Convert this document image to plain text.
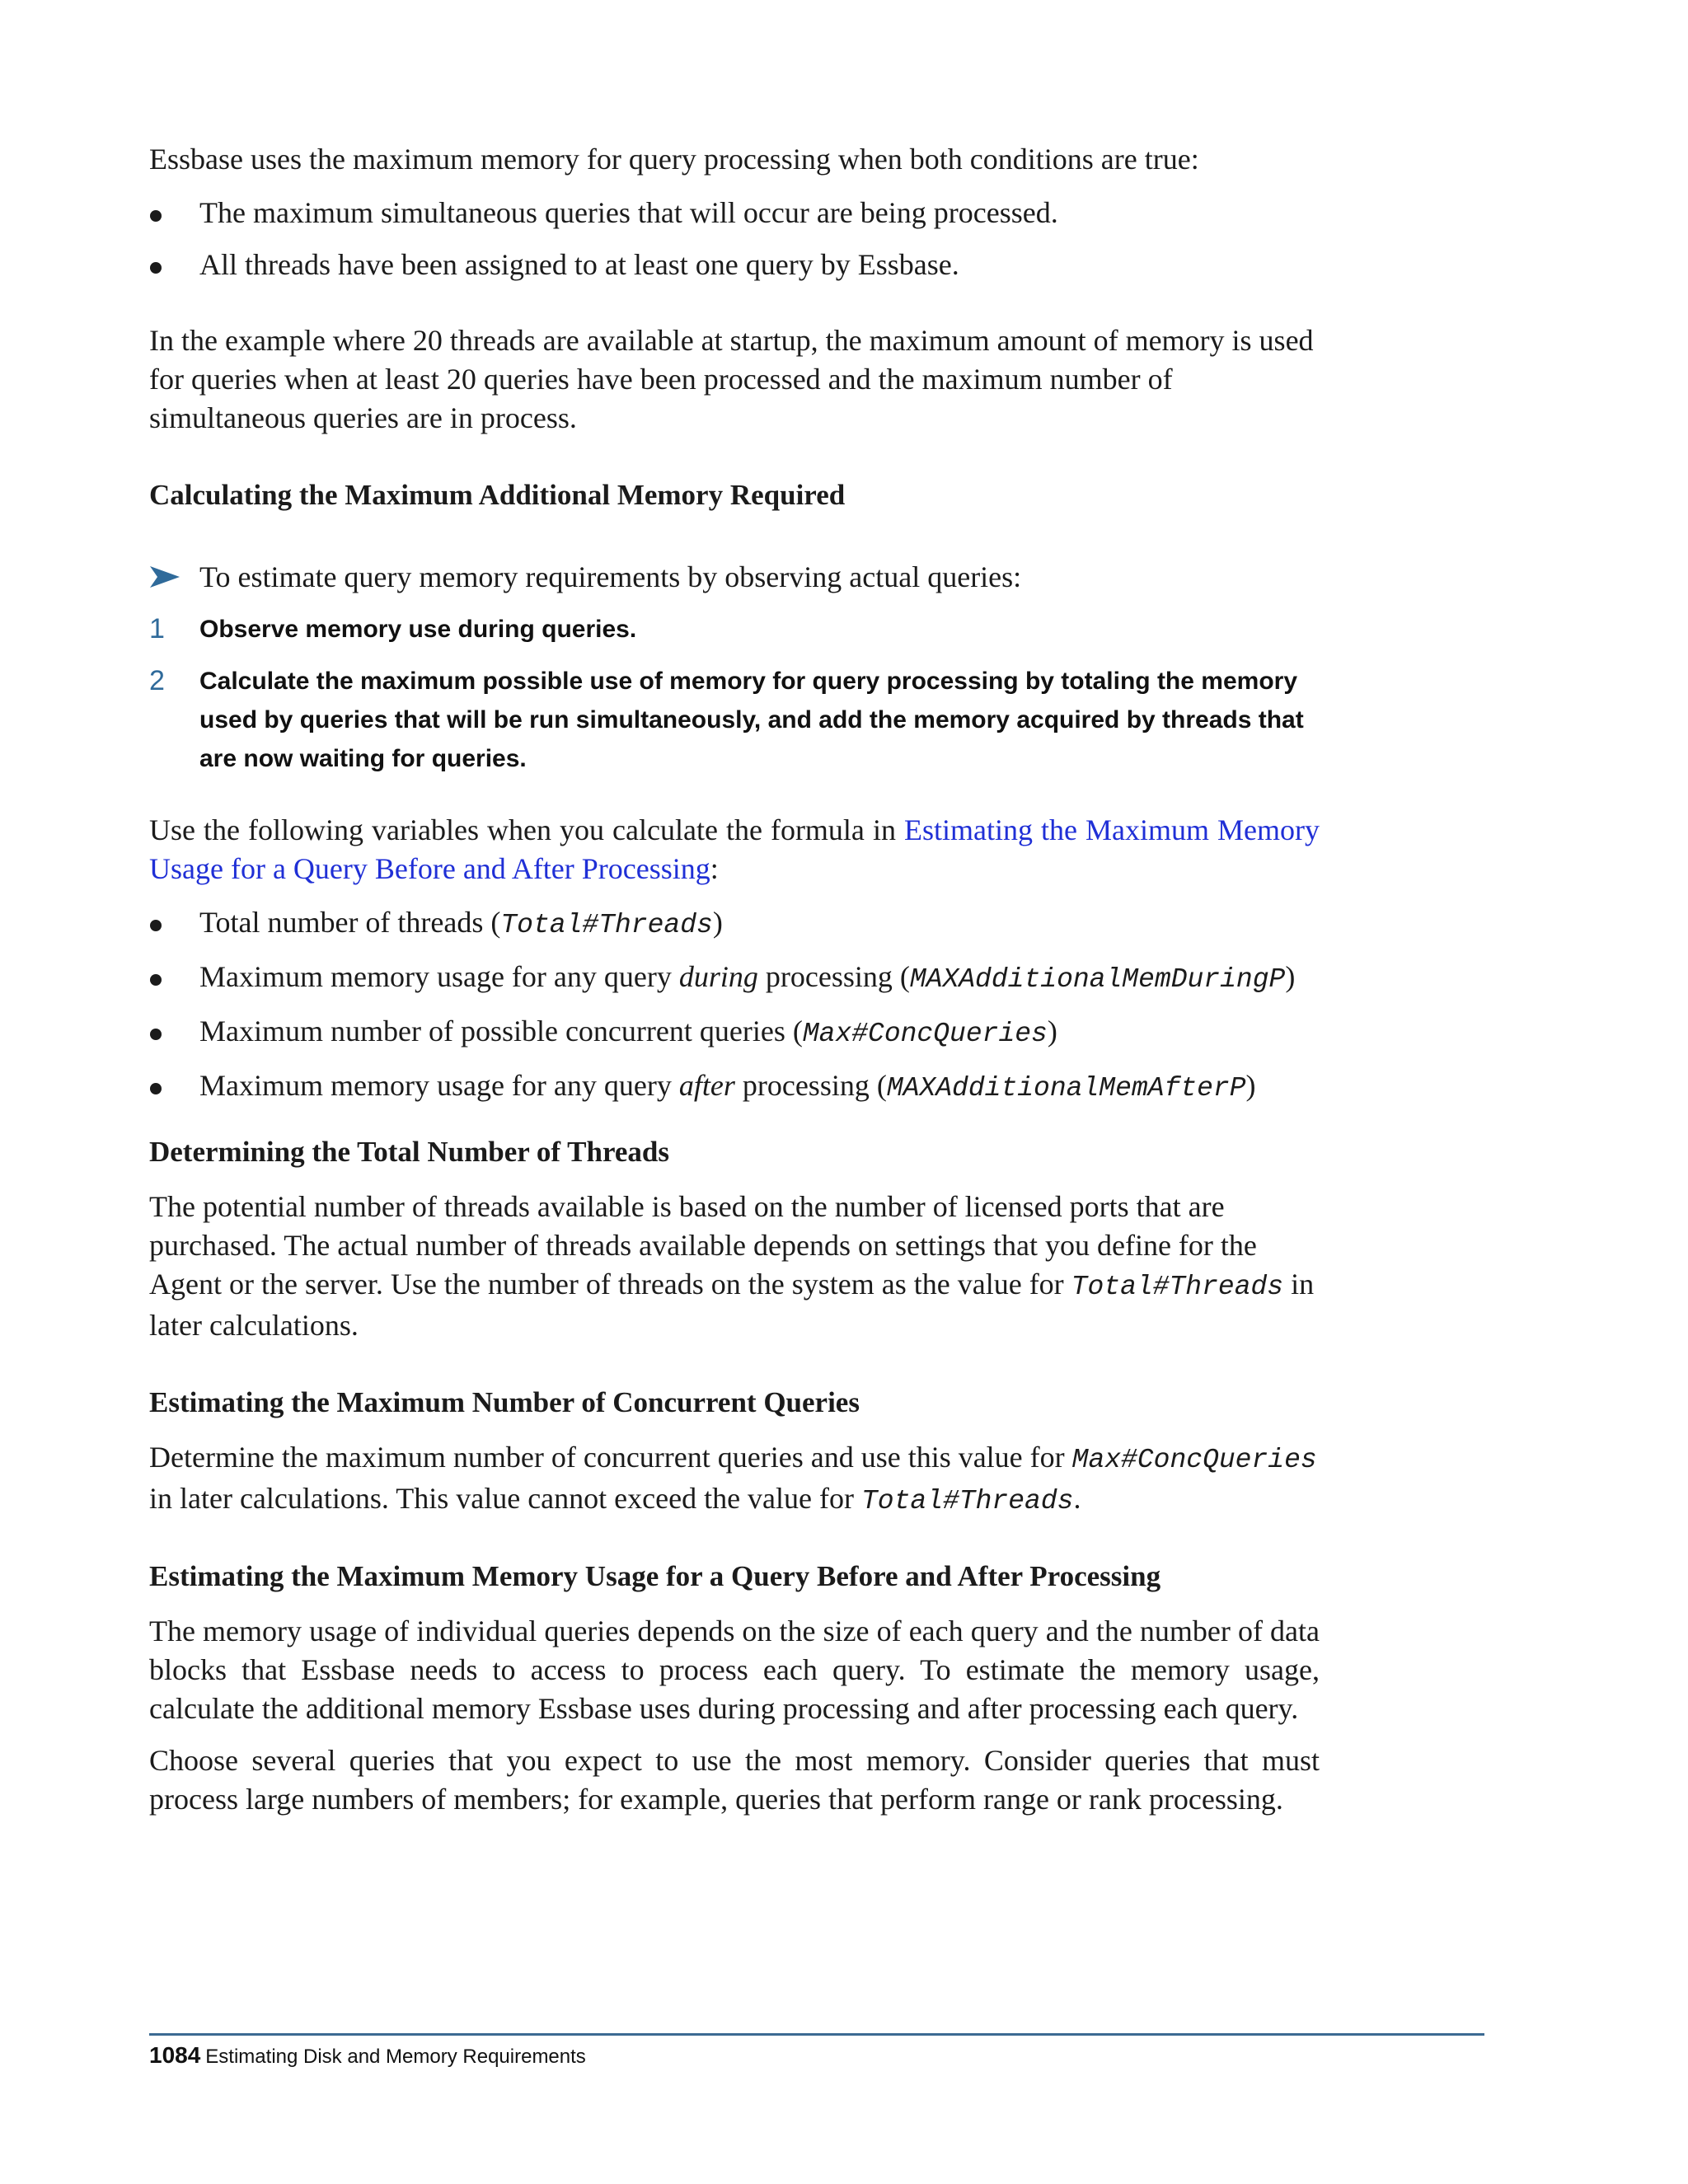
Essbase uses the maximum memory for query processing when both conditions are true:

The maximum simultaneous queries that will occur are being processed.
All threads have been assigned to at least one query by Essbase.

In the example where 20 threads are available at startup, the maximum amount of memory is used for queries when at least 20 queries have been processed and the maximum number of simultaneous queries are in process.

Calculating the Maximum Additional Memory Required
To estimate query memory requirements by observing actual queries:
1 Observe memory use during queries.
2 Calculate the maximum possible use of memory for query processing by totaling the memory used by queries that will be run simultaneously, and add the memory acquired by threads that are now waiting for queries.

Use the following variables when you calculate the formula in Estimating the Maximum Memory Usage for a Query Before and After Processing:

Total number of threads (Total#Threads)
Maximum memory usage for any query during processing (MAXAdditionalMemDuringP)
Maximum number of possible concurrent queries (Max#ConcQueries)
Maximum memory usage for any query after processing (MAXAdditionalMemAfterP)
Determining the Total Number of Threads

The potential number of threads available is based on the number of licensed ports that are purchased. The actual number of threads available depends on settings that you define for the Agent or the server. Use the number of threads on the system as the value for Total#Threads in later calculations.

Estimating the Maximum Number of Concurrent Queries

Determine the maximum number of concurrent queries and use this value for Max#ConcQueries in later calculations. This value cannot exceed the value for Total#Threads.

Estimating the Maximum Memory Usage for a Query Before and After Processing

The memory usage of individual queries depends on the size of each query and the number of data blocks that Essbase needs to access to process each query. To estimate the memory usage, calculate the additional memory Essbase uses during processing and after processing each query.

Choose several queries that you expect to use the most memory. Consider queries that must process large numbers of members; for example, queries that perform range or rank processing.

1084 Estimating Disk and Memory Requirements
